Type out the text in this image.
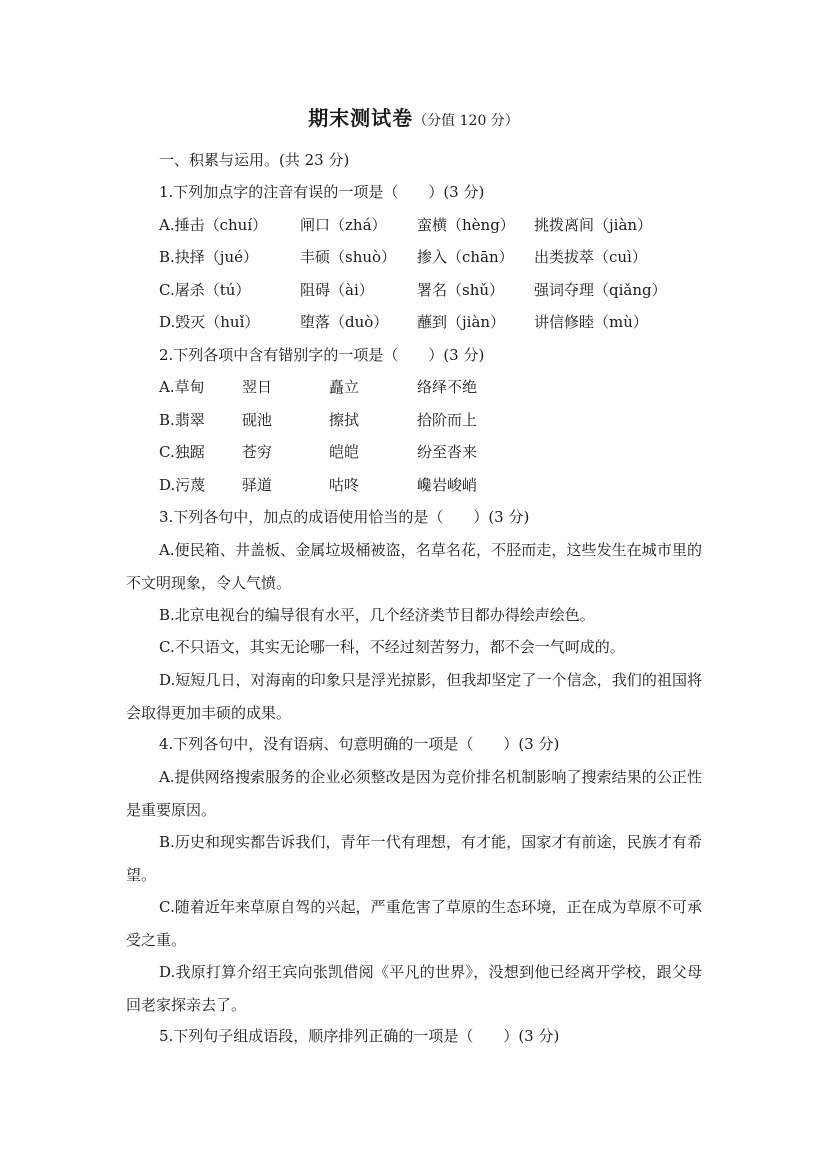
期末测试卷（分值 120 分）
一、积累与运用。(共 23 分)
1.下列加点字的注音有误的一项是（　　）(3 分)
A.捶击（chuí） 闸口（zhá） 蛮横（hèng） 挑拨离间（jiàn）
B.抉择（jué）	丰硕（shuò） 掺入（chān） 出类拔萃（cuì）
C.屠杀（tú）	阻碍（ài）	署名（shǔ） 强词夺理（qiǎng）
D.毁灭（huǐ）	堕落（duò） 蘸到（jiàn） 讲信修睦（mù）
2.下列各项中含有错别字的一项是（　　）(3 分)
A.草甸 翌日	矗立	络绎不绝
B.翡翠 砚池	擦拭	拾阶而上
C.独踞 苍穷	皑皑	纷至沓来
D.污蔑 驿道	咕咚	巉岩峻峭
3.下列各句中，加点的成语使用恰当的是（　　）(3 分)
A.便民箱、井盖板、金属垃圾桶被盗，名草名花，不胫而走，这些发生在城市里的不文明现象，令人气愤。
B.北京电视台的编导很有水平，几个经济类节目都办得绘声绘色。
C.不只语文，其实无论哪一科，不经过刻苦努力，都不会一气呵成的。
D.短短几日，对海南的印象只是浮光掠影，但我却坚定了一个信念，我们的祖国将会取得更加丰硕的成果。
4.下列各句中，没有语病、句意明确的一项是（　　）(3 分)
A.提供网络搜索服务的企业必须整改是因为竞价排名机制影响了搜索结果的公正性是重要原因。
B.历史和现实都告诉我们，青年一代有理想，有才能，国家才有前途，民族才有希望。
C.随着近年来草原自驾的兴起，严重危害了草原的生态环境，正在成为草原不可承受之重。
D.我原打算介绍王宾向张凯借阅《平凡的世界》，没想到他已经离开学校，跟父母回老家探亲去了。
5.下列句子组成语段，顺序排列正确的一项是（　　）(3 分)
